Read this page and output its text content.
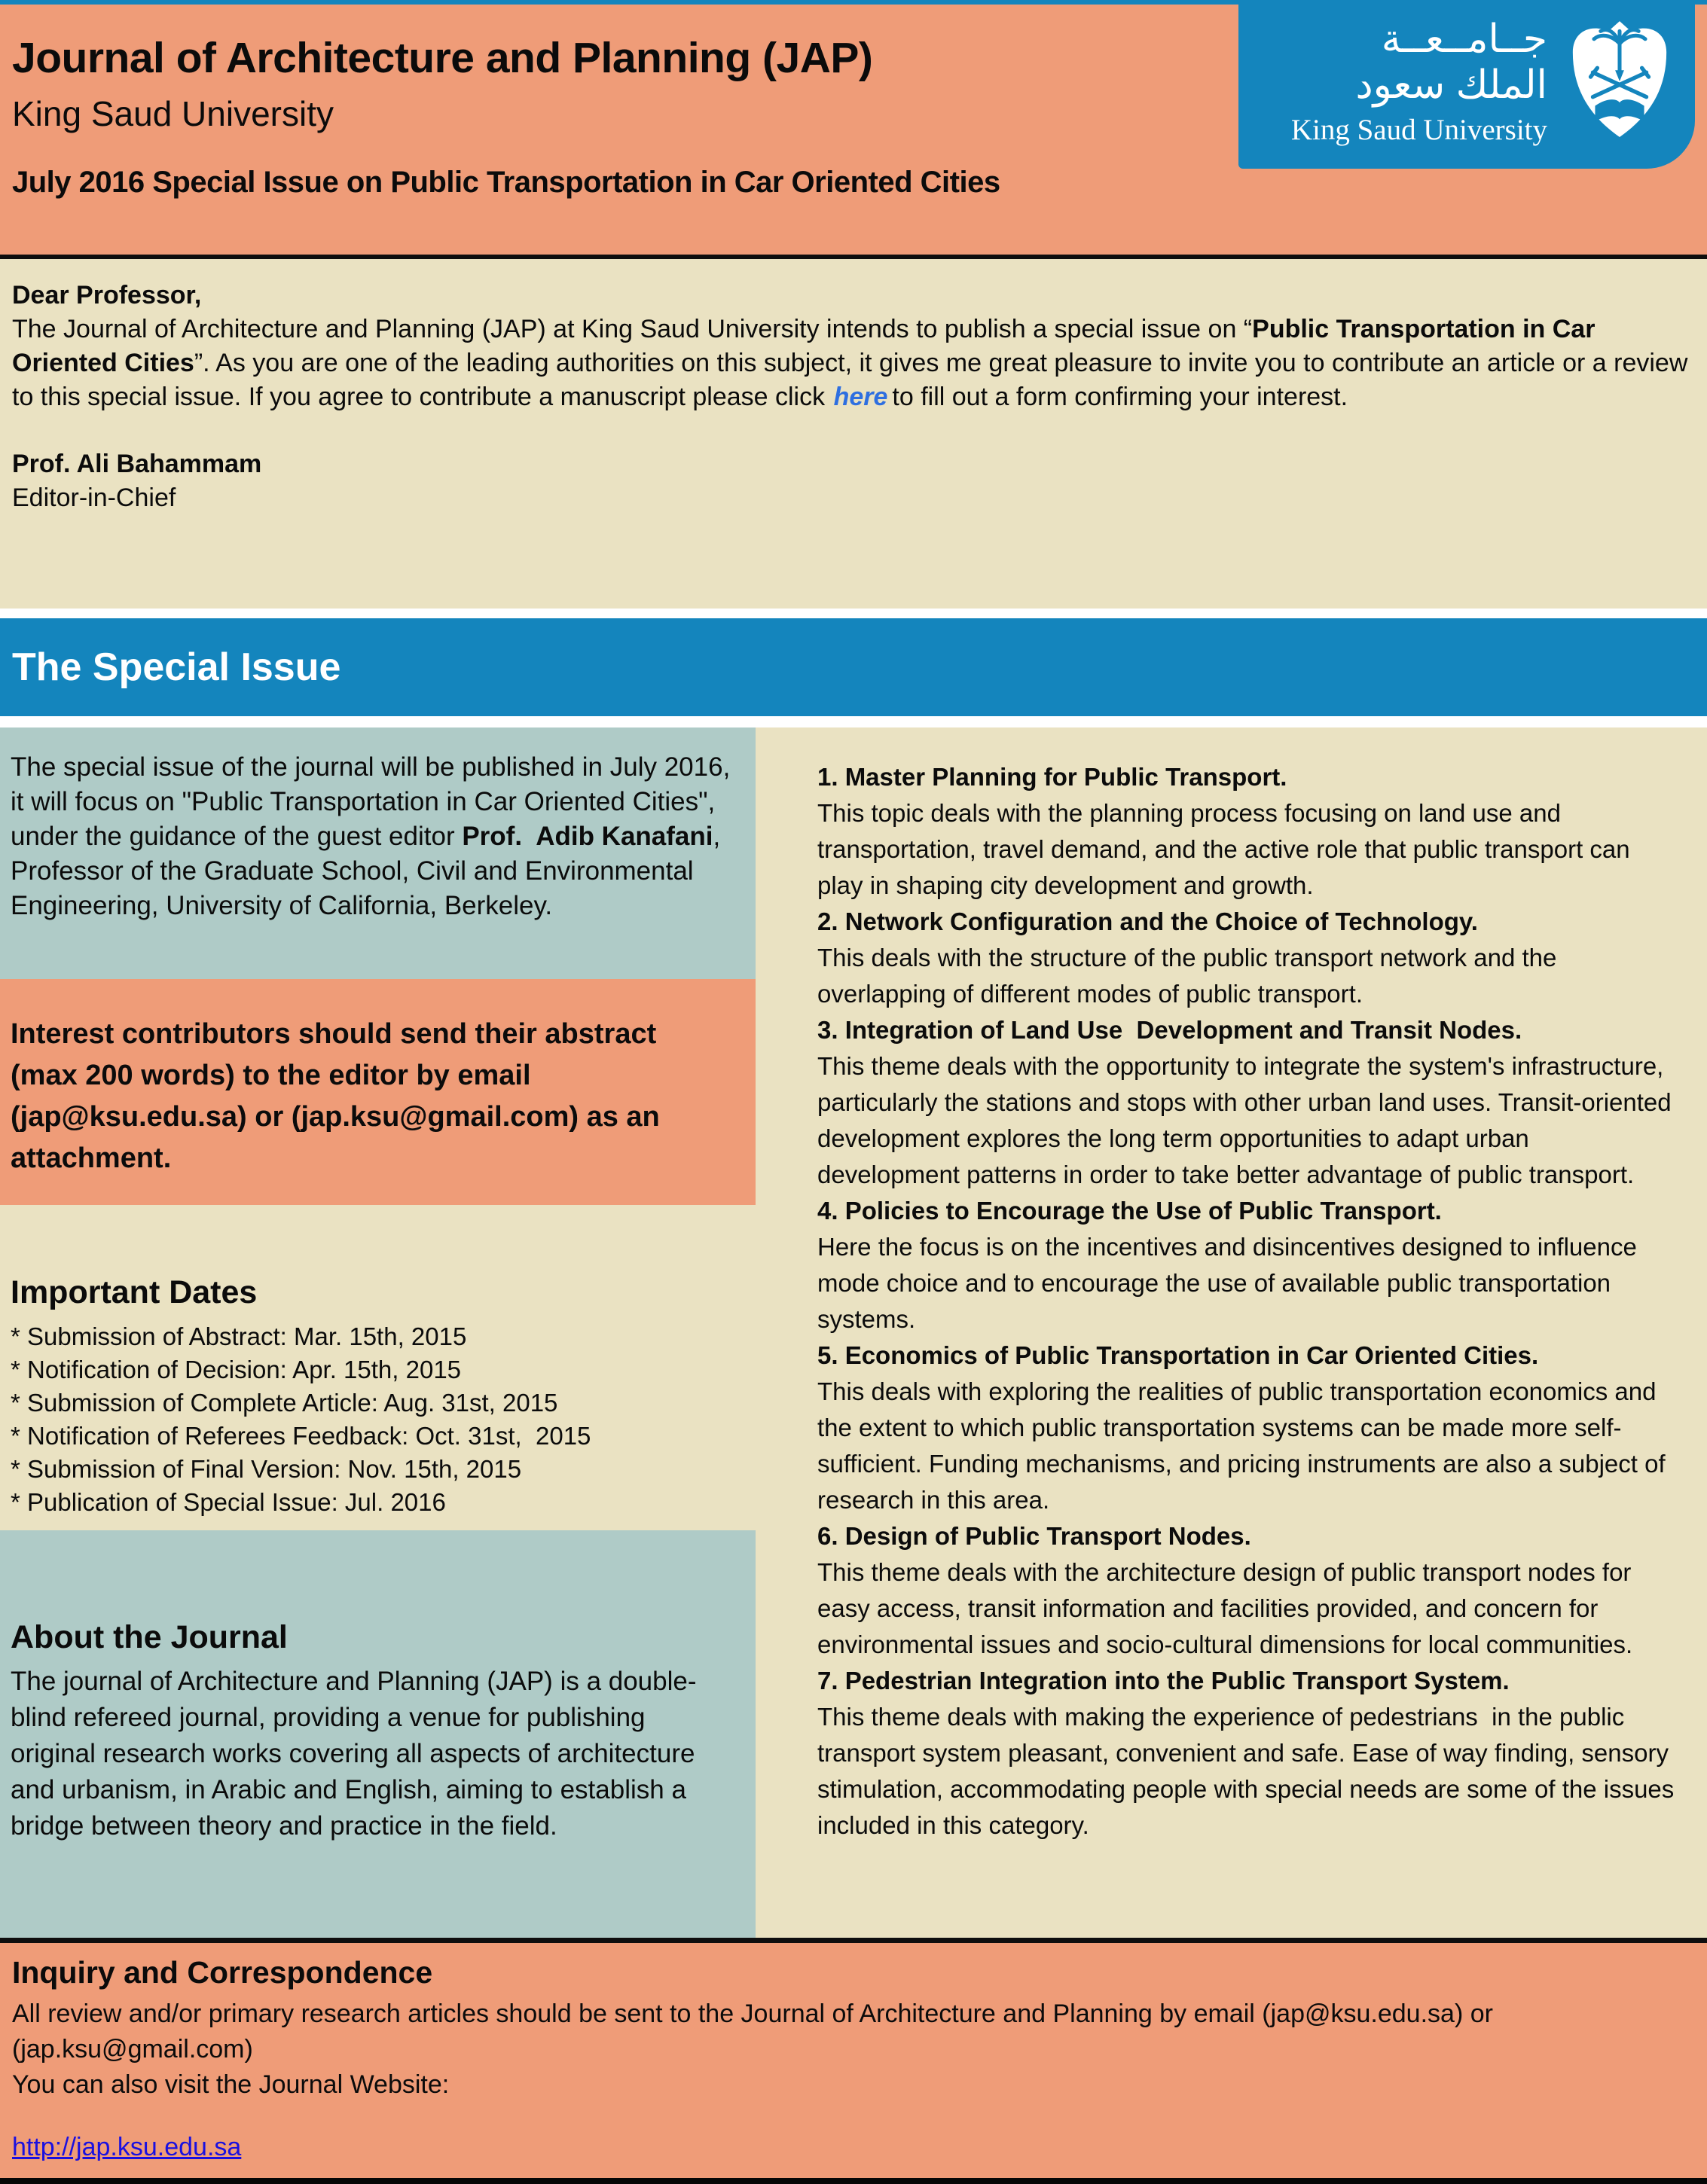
Journal of Architecture and Planning (JAP)
King Saud University
July 2016 Special Issue on Public Transportation in Car Oriented Cities
جــامــعــة
الملك سعود
King Saud University
Dear Professor,

The Journal of Architecture and Planning (JAP) at King Saud University intends to publish a special issue on “Public Transportation in Car Oriented Cities”. As you are one of the leading authorities on this subject, it gives me great pleasure to invite you to contribute an article or a review to this special issue. If you agree to contribute a manuscript please click here to fill out a form confirming your interest.

Prof. Ali Bahammam
Editor-in-Chief
The Special Issue
The special issue of the journal will be published in July 2016, it will focus on "Public Transportation in Car Oriented Cities", under the guidance of the guest editor Prof.  Adib Kanafani, Professor of the Graduate School, Civil and Environmental Engineering, University of California, Berkeley.
Interest contributors should send their abstract (max 200 words) to the editor by email (jap@ksu.edu.sa) or (jap.ksu@gmail.com) as an attachment.
Important Dates
* Submission of Abstract: Mar. 15th, 2015
* Notification of Decision: Apr. 15th, 2015
* Submission of Complete Article: Aug. 31st, 2015
* Notification of Referees Feedback: Oct. 31st,  2015
* Submission of Final Version: Nov. 15th, 2015
* Publication of Special Issue: Jul. 2016
About the Journal
The journal of Architecture and Planning (JAP) is a double-blind refereed journal, providing a venue for publishing original research works covering all aspects of architecture and urbanism, in Arabic and English, aiming to establish a bridge between theory and practice in the field.
1. Master Planning for Public Transport.
This topic deals with the planning process focusing on land use and transportation, travel demand, and the active role that public transport can play in shaping city development and growth.
2. Network Configuration and the Choice of Technology.
This deals with the structure of the public transport network and the overlapping of different modes of public transport.
3. Integration of Land Use  Development and Transit Nodes.
This theme deals with the opportunity to integrate the system's infrastructure, particularly the stations and stops with other urban land uses. Transit-oriented development explores the long term opportunities to adapt urban development patterns in order to take better advantage of public transport.
4. Policies to Encourage the Use of Public Transport.
Here the focus is on the incentives and disincentives designed to influence mode choice and to encourage the use of available public transportation systems.
5. Economics of Public Transportation in Car Oriented Cities.
This deals with exploring the realities of public transportation economics and the extent to which public transportation systems can be made more self-sufficient. Funding mechanisms, and pricing instruments are also a subject of research in this area.
6. Design of Public Transport Nodes.
This theme deals with the architecture design of public transport nodes for easy access, transit information and facilities provided, and concern for environmental issues and socio-cultural dimensions for local communities.
7. Pedestrian Integration into the Public Transport System.
This theme deals with making the experience of pedestrians  in the public transport system pleasant, convenient and safe. Ease of way finding, sensory stimulation, accommodating people with special needs are some of the issues included in this category.
Inquiry and Correspondence
All review and/or primary research articles should be sent to the Journal of Architecture and Planning by email (jap@ksu.edu.sa) or (jap.ksu@gmail.com)
You can also visit the Journal Website:
http://jap.ksu.edu.sa
